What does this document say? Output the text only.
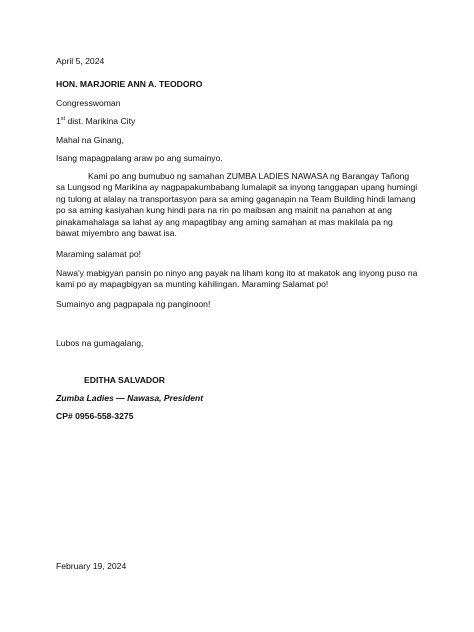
April 5, 2024
HON. MARJORIE ANN A. TEODORO
Congresswoman
1st dist. Marikina City
Mahal na Ginang,
Isang mapagpalang araw po ang sumainyo.
Kami po ang bumubuo ng samahan ZUMBA LADIES NAWASA ng Barangay Tañong sa Lungsod ng Marikina ay nagpapakumbabang lumalapit sa inyong tanggapan upang humingi ng tulong at alalay na transportasyon para sa aming gaganapin na Team Building hindi lamang po sa aming kasiyahan kung hindi para na rin po maibsan ang mainit na panahon at ang pinakamahalaga sa lahat ay ang mapagtibay ang aming samahan at mas makilala pa ng bawat miyembro ang bawat isa.
Maraming salamat po!
Nawa'y mabigyan pansin po ninyo ang payak na liham kong ito at makatok ang inyong puso na kami po ay mapagbigyan sa munting kahilingan. Maraming Salamat po!
Sumainyo ang pagpapala ng panginoon!
Lubos na gumagalang,
EDITHA SALVADOR
Zumba Ladies — Nawasa, President
CP# 0956-558-3275
February 19, 2024
